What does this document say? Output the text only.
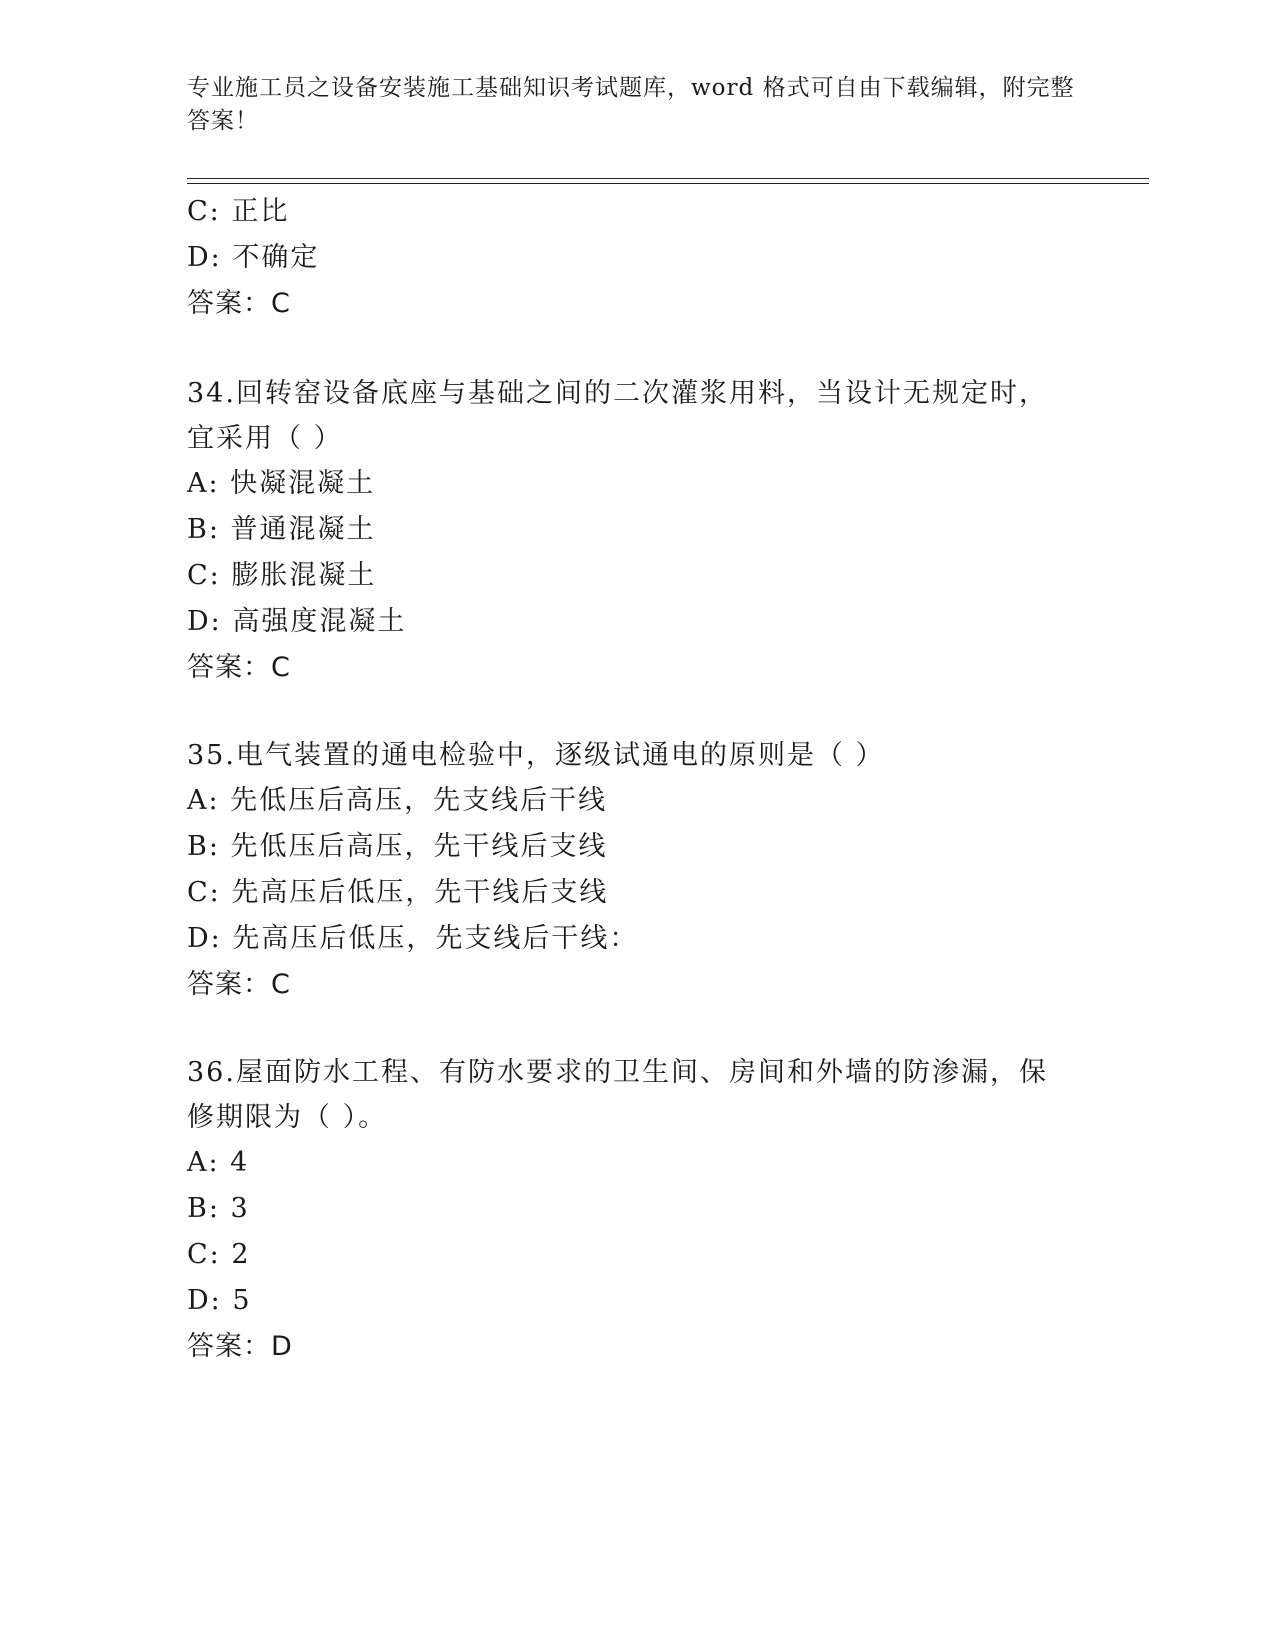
专业施工员之设备安装施工基础知识考试题库，word 格式可自由下载编辑，附完整答案！
C: 正比
D: 不确定
答案：C
34.回转窑设备底座与基础之间的二次灌浆用料，当设计无规定时，宜采用（ ）
A: 快凝混凝土
B: 普通混凝土
C: 膨胀混凝土
D: 高强度混凝土
答案：C
35.电气装置的通电检验中，逐级试通电的原则是（ ）
A: 先低压后高压，先支线后干线
B: 先低压后高压，先干线后支线
C: 先高压后低压，先干线后支线
D: 先高压后低压，先支线后干线：
答案：C
36.屋面防水工程、有防水要求的卫生间、房间和外墙的防渗漏，保修期限为（ ）。
A: 4
B: 3
C: 2
D: 5
答案：D
